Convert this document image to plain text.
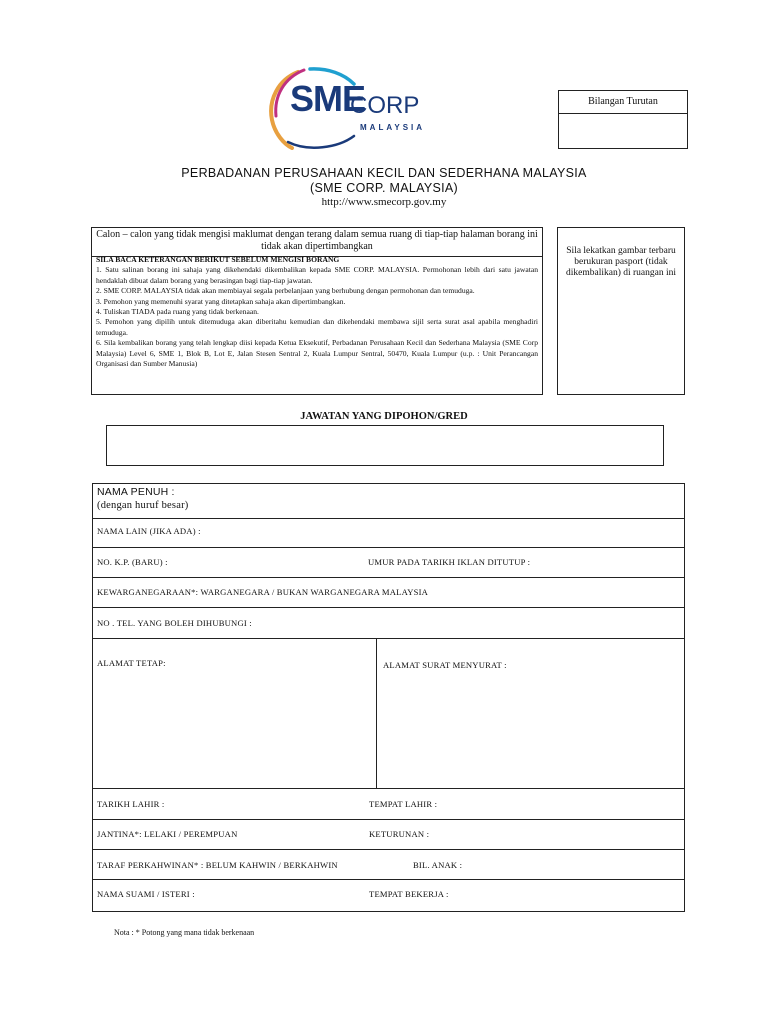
SME
CORP
MALAYSIA
Bilangan Turutan
PERBADANAN PERUSAHAAN KECIL DAN SEDERHANA MALAYSIA
(SME CORP. MALAYSIA)
http://www.smecorp.gov.my
Calon – calon yang tidak mengisi maklumat dengan terang dalam semua ruang di tiap-tiap halaman borang ini tidak akan dipertimbangkan

SILA BACA KETERANGAN BERIKUT SEBELUM MENGISI BORANG

1. Satu salinan borang ini sahaja yang dikehendaki dikembalikan kepada SME CORP. MALAYSIA. Permohonan lebih dari satu jawatan hendaklah dibuat dalam borang yang berasingan bagi tiap-tiap jawatan.

2. SME CORP. MALAYSIA tidak akan membiayai segala perbelanjaan yang berhubung dengan permohonan dan temuduga.

3. Pemohon yang memenuhi syarat yang ditetapkan sahaja akan dipertimbangkan.

4. Tuliskan TIADA pada ruang yang tidak berkenaan.

5. Pemohon yang dipilih untuk ditemuduga akan diberitahu kemudian dan dikehendaki membawa sijil serta surat asal apabila menghadiri temuduga.

6. Sila kembalikan borang yang telah lengkap diisi kepada Ketua Eksekutif, Perbadanan Perusahaan Kecil dan Sederhana Malaysia (SME Corp Malaysia) Level 6, SME 1, Blok B, Lot E, Jalan Stesen Sentral 2, Kuala Lumpur Sentral, 50470, Kuala Lumpur (u.p. : Unit Perancangan Organisasi dan Sumber Manusia)

Sila lekatkan gambar terbaru berukuran pasport (tidak dikembalikan) di ruangan ini
JAWATAN YANG DIPOHON/GRED
NAMA PENUH :
(dengan huruf besar)
NAMA LAIN (JIKA ADA) :
NO. K.P. (BARU) :	UMUR PADA TARIKH IKLAN DITUTUP :
KEWARGANEGARAAN*: WARGANEGARA / BUKAN WARGANEGARA MALAYSIA
NO . TEL. YANG BOLEH DIHUBUNGI :
ALAMAT TETAP:	ALAMAT SURAT MENYURAT :
TARIKH LAHIR :	TEMPAT LAHIR :
JANTINA*: LELAKI / PEREMPUAN	KETURUNAN :
TARAF PERKAHWINAN* : BELUM KAHWIN / BERKAHWIN	BIL. ANAK :
NAMA SUAMI / ISTERI :	TEMPAT BEKERJA :
Nota : * Potong yang mana tidak berkenaan
